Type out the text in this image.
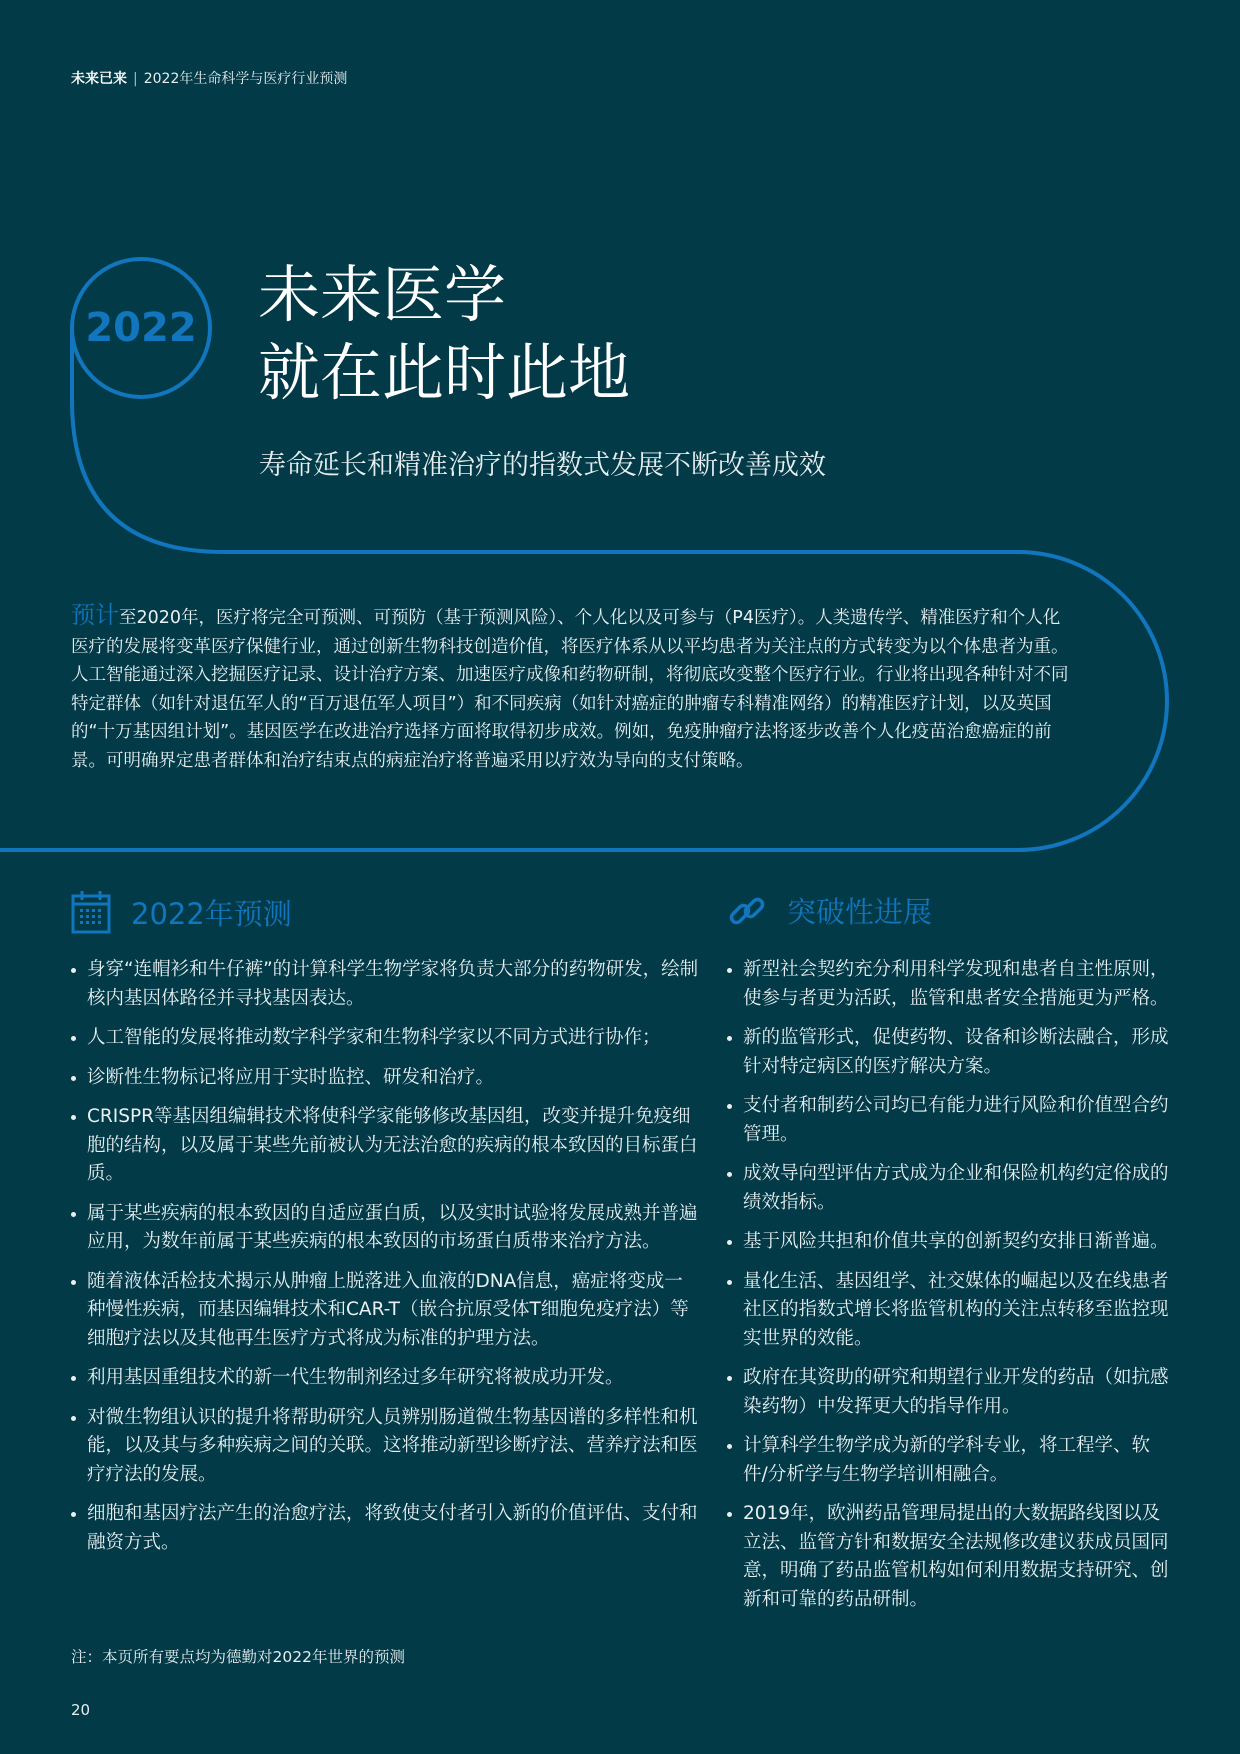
未来已来 | 2022年生命科学与医疗行业预测
2022 未来医学
就在此时此地

寿命延长和精准治疗的指数式发展不断改善成效

预计至2020年，医疗将完全可预测、可预防（基于预测风险）、个人化以及可参与（P4医疗）。人类遗传学、精准医疗和个人化医疗的发展将变革医疗保健行业，通过创新生物科技创造价值，将医疗体系从以平均患者为关注点的方式转变为以个体患者为重。人工智能通过深入挖掘医疗记录、设计治疗方案、加速医疗成像和药物研制，将彻底改变整个医疗行业。行业将出现各种针对不同特定群体（如针对退伍军人的“百万退伍军人项目”）和不同疾病（如针对癌症的肿瘤专科精准网络）的精准医疗计划，以及英国的“十万基因组计划”。基因医学在改进治疗选择方面将取得初步成效。例如，免疫肿瘤疗法将逐步改善个人化疫苗治愈癌症的前景。可明确界定患者群体和治疗结束点的病症治疗将普遍采用以疗效为导向的支付策略。

2022年预测	突破性进展
身穿“连帽衫和牛仔裤”的计算科学生物学家将负责大部分的药物研发，绘制核内基因体路径并寻找基因表达。
人工智能的发展将推动数字科学家和生物科学家以不同方式进行协作；
诊断性生物标记将应用于实时监控、研发和治疗。
CRISPR等基因组编辑技术将使科学家能够修改基因组，改变并提升免疫细胞的结构，以及属于某些先前被认为无法治愈的疾病的根本致因的目标蛋白质。
属于某些疾病的根本致因的自适应蛋白质，以及实时试验将发展成熟并普遍应用，为数年前属于某些疾病的根本致因的市场蛋白质带来治疗方法。
随着液体活检技术揭示从肿瘤上脱落进入血液的DNA信息，癌症将变成一种慢性疾病，而基因编辑技术和CAR-T（嵌合抗原受体T细胞免疫疗法）等细胞疗法以及其他再生医疗方式将成为标准的护理方法。
利用基因重组技术的新一代生物制剂经过多年研究将被成功开发。
对微生物组认识的提升将帮助研究人员辨别肠道微生物基因谱的多样性和机能，以及其与多种疾病之间的关联。这将推动新型诊断疗法、营养疗法和医疗疗法的发展。
细胞和基因疗法产生的治愈疗法，将致使支付者引入新的价值评估、支付和融资方式。
新型社会契约充分利用科学发现和患者自主性原则，使参与者更为活跃，监管和患者安全措施更为严格。
新的监管形式，促使药物、设备和诊断法融合，形成针对特定病区的医疗解决方案。
支付者和制药公司均已有能力进行风险和价值型合约管理。
成效导向型评估方式成为企业和保险机构约定俗成的绩效指标。
基于风险共担和价值共享的创新契约安排日渐普遍。
量化生活、基因组学、社交媒体的崛起以及在线患者社区的指数式增长将监管机构的关注点转移至监控现实世界的效能。
政府在其资助的研究和期望行业开发的药品（如抗感染药物）中发挥更大的指导作用。
计算科学生物学成为新的学科专业，将工程学、软件/分析学与生物学培训相融合。
2019年，欧洲药品管理局提出的大数据路线图以及立法、监管方针和数据安全法规修改建议获成员国同意，明确了药品监管机构如何利用数据支持研究、创新和可靠的药品研制。
注：本页所有要点均为德勤对2022年世界的预测
20
